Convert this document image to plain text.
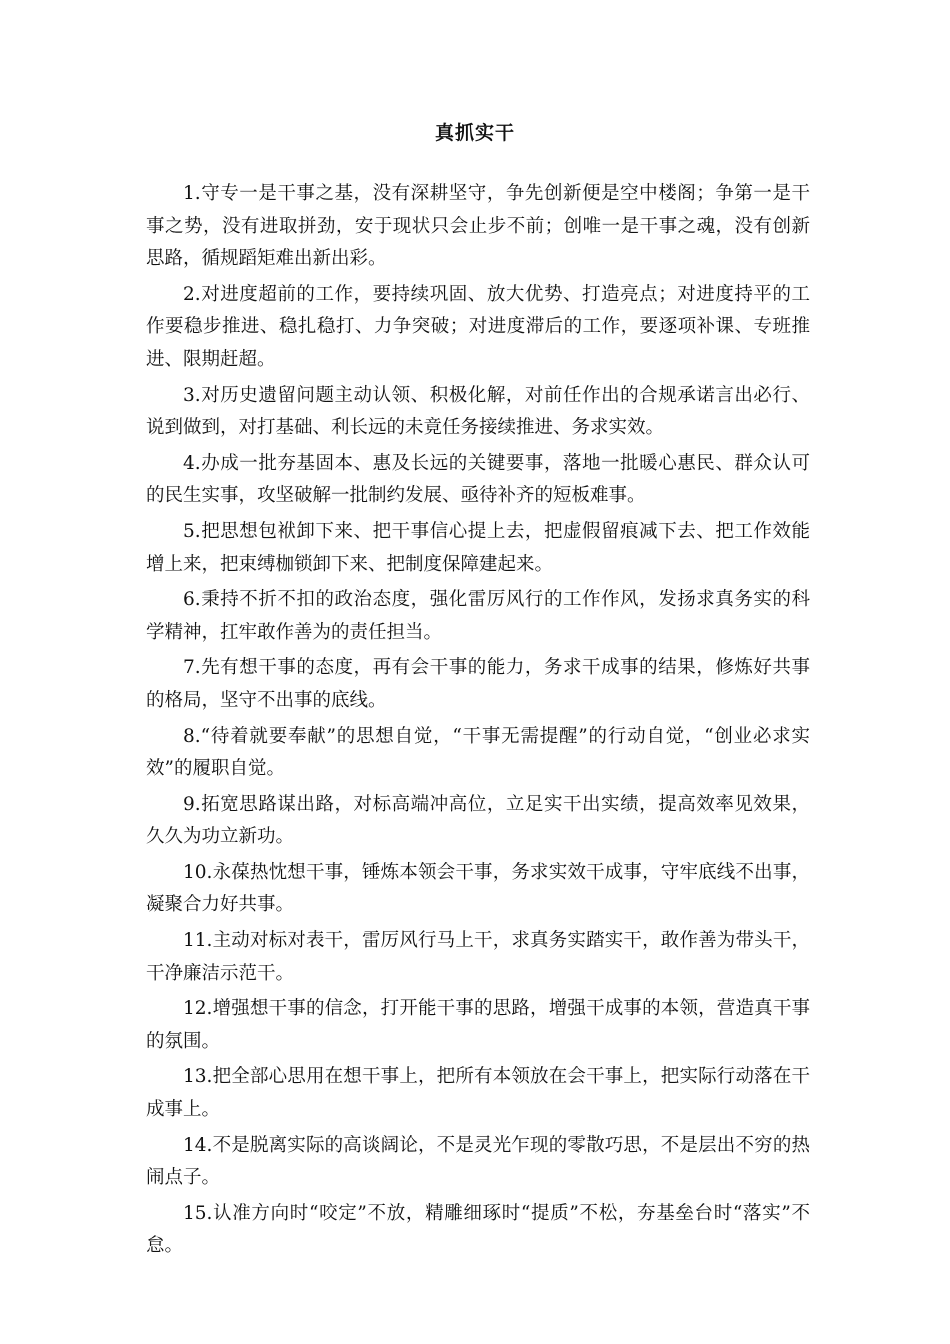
真抓实干

1.守专一是干事之基，没有深耕坚守，争先创新便是空中楼阁；争第一是干事之势，没有进取拼劲，安于现状只会止步不前；创唯一是干事之魂，没有创新思路，循规蹈矩难出新出彩。

2.对进度超前的工作，要持续巩固、放大优势、打造亮点；对进度持平的工作要稳步推进、稳扎稳打、力争突破；对进度滞后的工作，要逐项补课、专班推进、限期赶超。

3.对历史遗留问题主动认领、积极化解，对前任作出的合规承诺言出必行、说到做到，对打基础、利长远的未竟任务接续推进、务求实效。

4.办成一批夯基固本、惠及长远的关键要事，落地一批暖心惠民、群众认可的民生实事，攻坚破解一批制约发展、亟待补齐的短板难事。

5.把思想包袱卸下来、把干事信心提上去，把虚假留痕减下去、把工作效能增上来，把束缚枷锁卸下来、把制度保障建起来。

6.秉持不折不扣的政治态度，强化雷厉风行的工作作风，发扬求真务实的科学精神，扛牢敢作善为的责任担当。

7.先有想干事的态度，再有会干事的能力，务求干成事的结果，修炼好共事的格局，坚守不出事的底线。

8.“待着就要奉献”的思想自觉，“干事无需提醒”的行动自觉，“创业必求实效”的履职自觉。

9.拓宽思路谋出路，对标高端冲高位，立足实干出实绩，提高效率见效果，久久为功立新功。

10.永葆热忱想干事，锤炼本领会干事，务求实效干成事，守牢底线不出事，凝聚合力好共事。

11.主动对标对表干，雷厉风行马上干，求真务实踏实干，敢作善为带头干，干净廉洁示范干。

12.增强想干事的信念，打开能干事的思路，增强干成事的本领，营造真干事的氛围。

13.把全部心思用在想干事上，把所有本领放在会干事上，把实际行动落在干成事上。

14.不是脱离实际的高谈阔论，不是灵光乍现的零散巧思，不是层出不穷的热闹点子。

15.认准方向时“咬定”不放，精雕细琢时“提质”不松，夯基垒台时“落实”不怠。
